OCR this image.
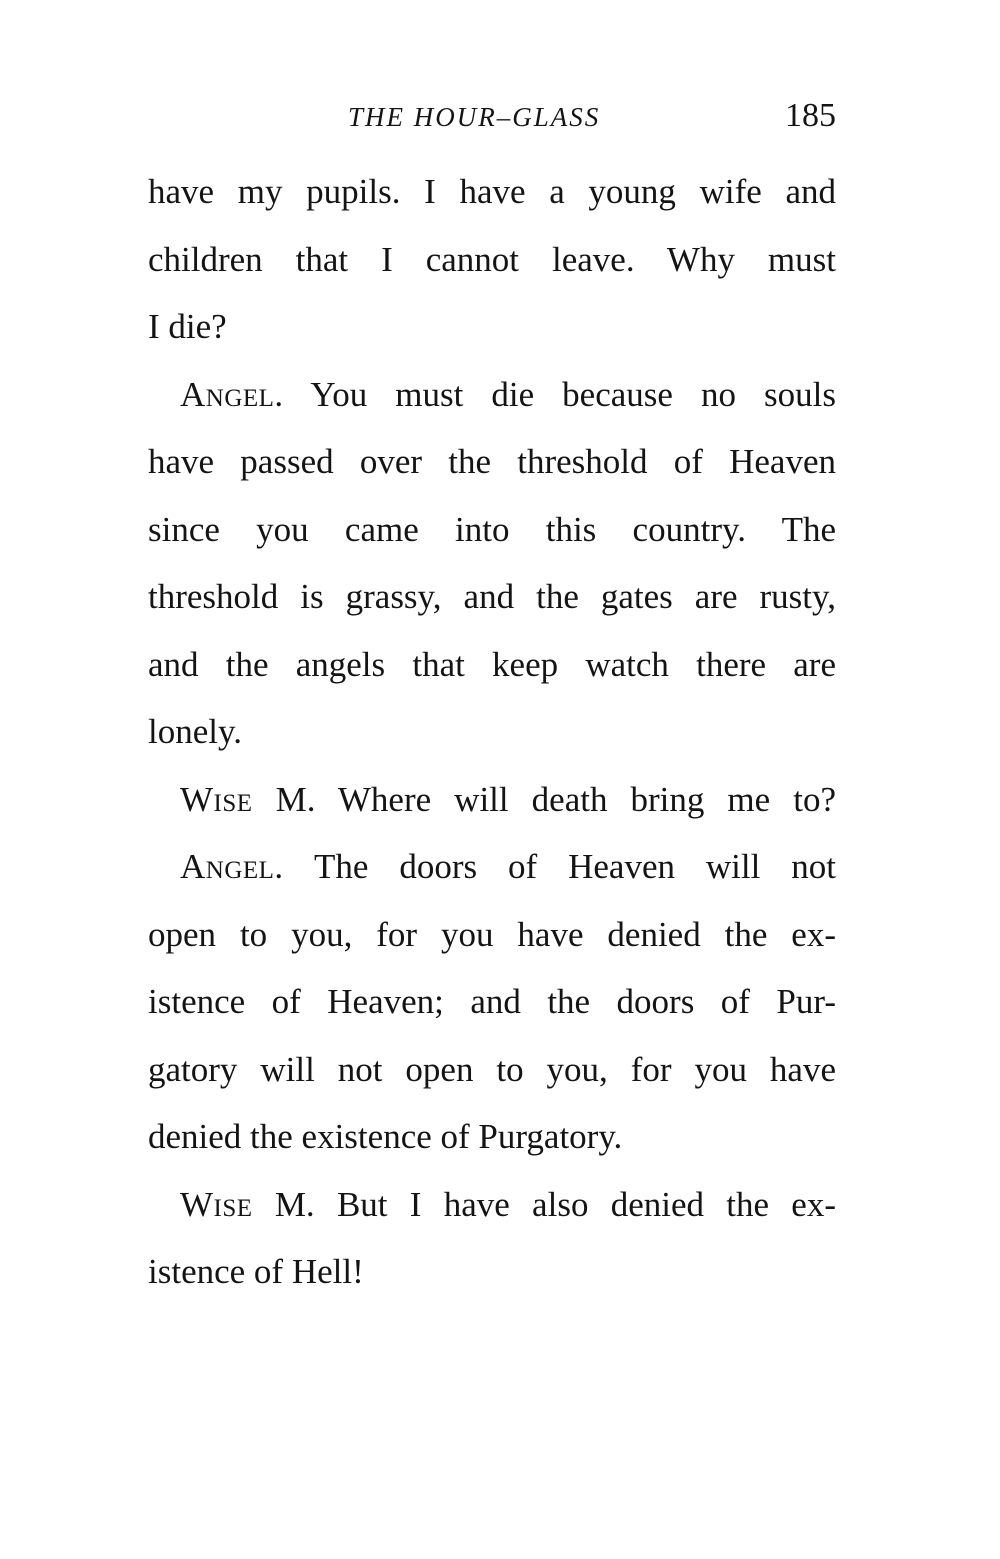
THE HOUR–GLASS	185
have my pupils. I have a young wife and
children that I cannot leave. Why must
I die?
Angel. You must die because no souls
have passed over the threshold of Heaven
since you came into this country. The
threshold is grassy, and the gates are rusty,
and the angels that keep watch there are
lonely.
Wise M. Where will death bring me to?
Angel. The doors of Heaven will not
open to you, for you have denied the ex-
istence of Heaven; and the doors of Pur-
gatory will not open to you, for you have
denied the existence of Purgatory.
Wise M. But I have also denied the ex-
istence of Hell!
